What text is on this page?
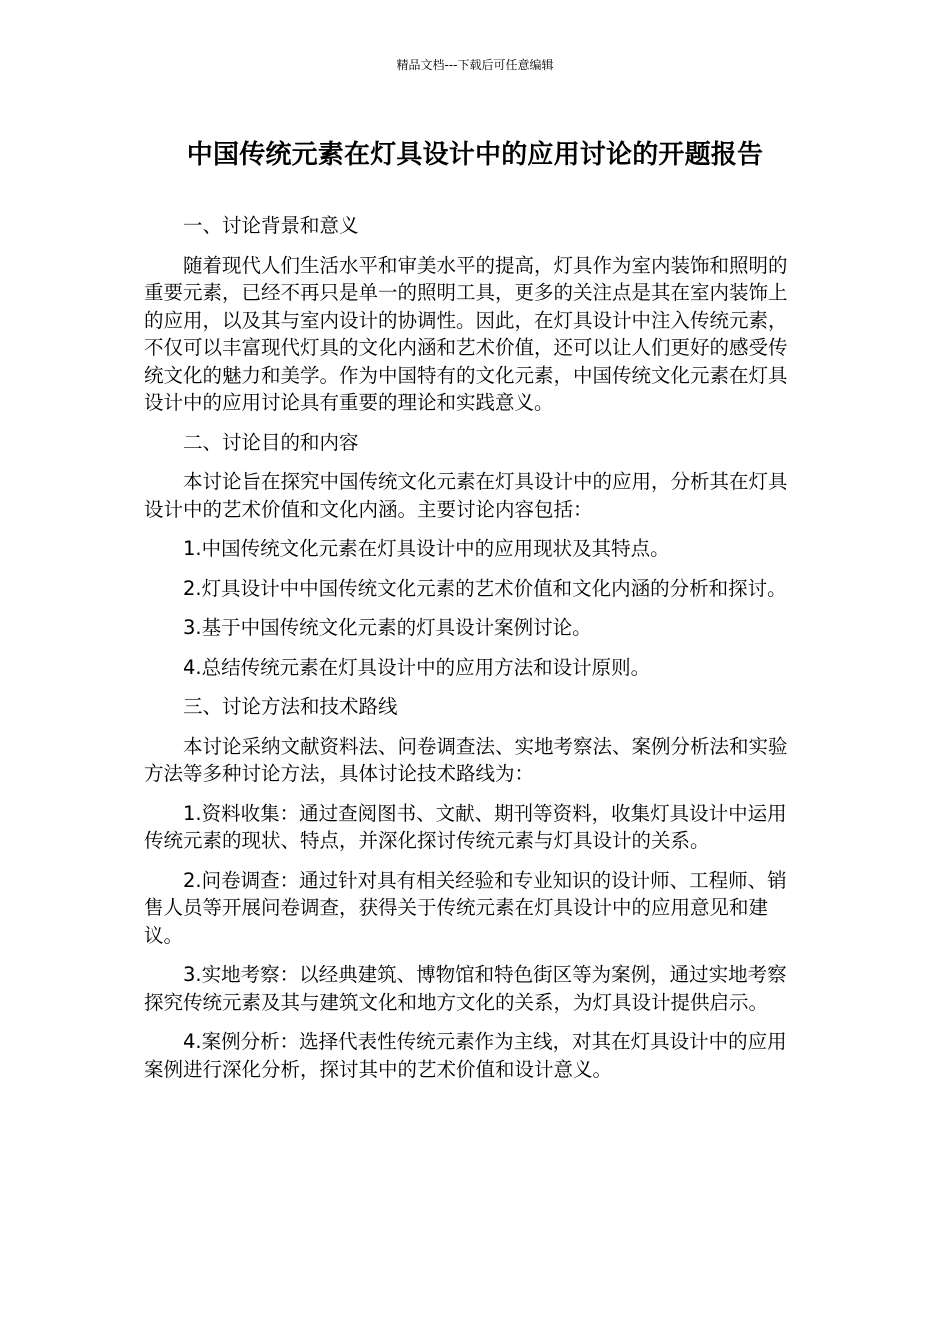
精品文档---下载后可任意编辑
中国传统元素在灯具设计中的应用讨论的开题报告

一、讨论背景和意义

随着现代人们生活水平和审美水平的提高，灯具作为室内装饰和照明的重要元素，已经不再只是单一的照明工具，更多的关注点是其在室内装饰上的应用，以及其与室内设计的协调性。因此，在灯具设计中注入传统元素，不仅可以丰富现代灯具的文化内涵和艺术价值，还可以让人们更好的感受传统文化的魅力和美学。作为中国特有的文化元素，中国传统文化元素在灯具设计中的应用讨论具有重要的理论和实践意义。

二、讨论目的和内容

本讨论旨在探究中国传统文化元素在灯具设计中的应用，分析其在灯具设计中的艺术价值和文化内涵。主要讨论内容包括：

1.中国传统文化元素在灯具设计中的应用现状及其特点。

2.灯具设计中中国传统文化元素的艺术价值和文化内涵的分析和探讨。

3.基于中国传统文化元素的灯具设计案例讨论。

4.总结传统元素在灯具设计中的应用方法和设计原则。

三、讨论方法和技术路线

本讨论采纳文献资料法、问卷调查法、实地考察法、案例分析法和实验方法等多种讨论方法，具体讨论技术路线为：

1.资料收集：通过查阅图书、文献、期刊等资料，收集灯具设计中运用传统元素的现状、特点，并深化探讨传统元素与灯具设计的关系。

2.问卷调查：通过针对具有相关经验和专业知识的设计师、工程师、销售人员等开展问卷调查，获得关于传统元素在灯具设计中的应用意见和建议。

3.实地考察：以经典建筑、博物馆和特色街区等为案例，通过实地考察探究传统元素及其与建筑文化和地方文化的关系，为灯具设计提供启示。

4.案例分析：选择代表性传统元素作为主线，对其在灯具设计中的应用案例进行深化分析，探讨其中的艺术价值和设计意义。
